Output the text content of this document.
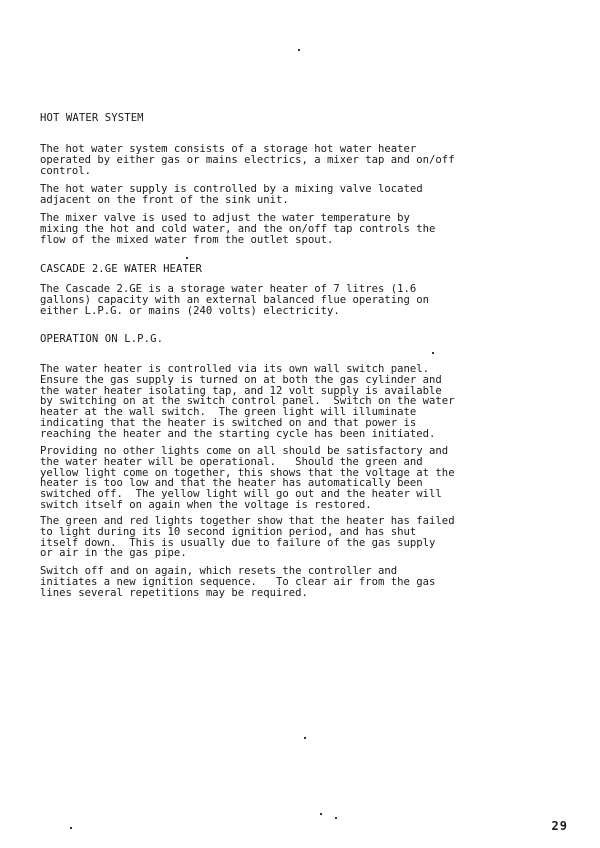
HOT WATER SYSTEM

The hot water system consists of a storage hot water heater
operated by either gas or mains electrics, a mixer tap and on/off
control.

The hot water supply is controlled by a mixing valve located
adjacent on the front of the sink unit.

The mixer valve is used to adjust the water temperature by
mixing the hot and cold water, and the on/off tap controls the
flow of the mixed water from the outlet spout.

CASCADE 2.GE WATER HEATER

The Cascade 2.GE is a storage water heater of 7 litres (1.6
gallons) capacity with an external balanced flue operating on
either L.P.G. or mains (240 volts) electricity.

OPERATION ON L.P.G.

The water heater is controlled via its own wall switch panel.
Ensure the gas supply is turned on at both the gas cylinder and
the water heater isolating tap, and 12 volt supply is available
by switching on at the switch control panel.  Switch on the water
heater at the wall switch.  The green light will illuminate
indicating that the heater is switched on and that power is
reaching the heater and the starting cycle has been initiated.

Providing no other lights come on all should be satisfactory and
the water heater will be operational.   Should the green and
yellow light come on together, this shows that the voltage at the
heater is too low and that the heater has automatically been
switched off.  The yellow light will go out and the heater will
switch itself on again when the voltage is restored.

The green and red lights together show that the heater has failed
to light during its 10 second ignition period, and has shut
itself down.  This is usually due to failure of the gas supply
or air in the gas pipe.

Switch off and on again, which resets the controller and
initiates a new ignition sequence.   To clear air from the gas
lines several repetitions may be required.

29
